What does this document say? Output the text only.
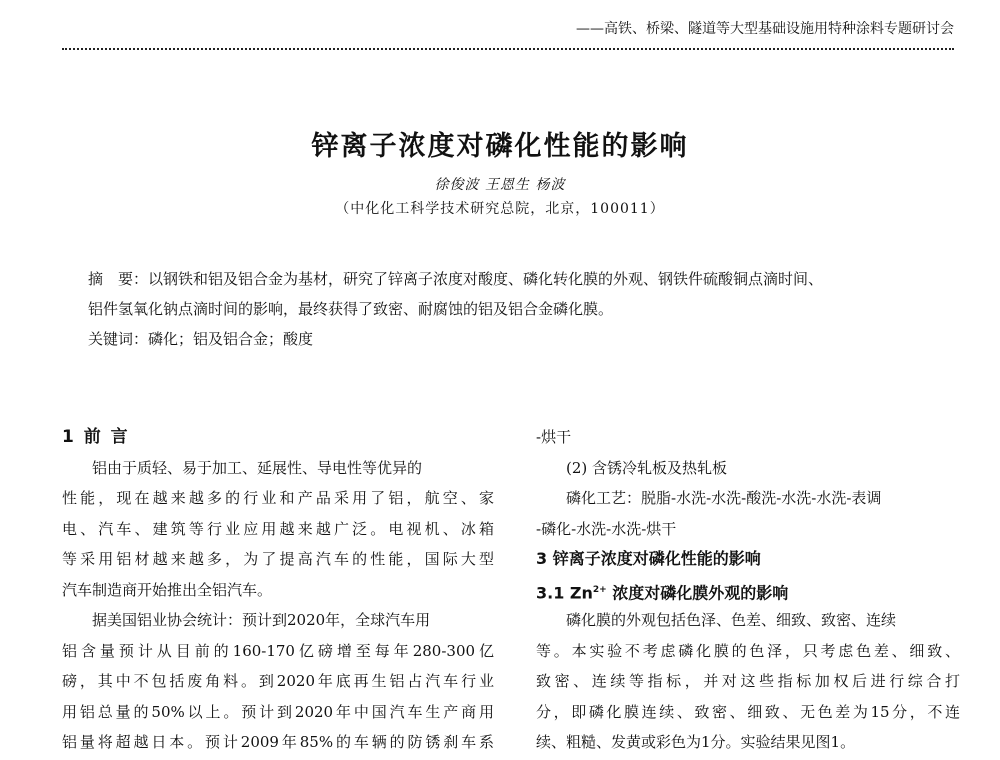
——高铁、桥梁、隧道等大型基础设施用特种涂料专题研讨会
锌离子浓度对磷化性能的影响
徐俊波 王恩生 杨波
（中化化工科学技术研究总院，北京，100011）

摘　要：以钢铁和铝及铝合金为基材，研究了锌离子浓度对酸度、磷化转化膜的外观、钢铁件硫酸铜点滴时间、
铝件氢氧化钠点滴时间的影响，最终获得了致密、耐腐蚀的铝及铝合金磷化膜。

关键词：磷化；铝及铝合金；酸度

1 前 言
铝由于质轻、易于加工、延展性、导电性等优异的
性能，现在越来越多的行业和产品采用了铝，航空、家
电、汽车、建筑等行业应用越来越广泛。电视机、冰箱
等采用铝材越来越多，为了提高汽车的性能，国际大型
汽车制造商开始推出全铝汽车。
据美国铝业协会统计：预计到2020年，全球汽车用
铝含量预计从目前的160-170亿磅增至每年280-300亿
磅，其中不包括废角料。到2020年底再生铝占汽车行业
用铝总量的50%以上。预计到2020年中国汽车生产商用
铝量将超越日本。预计2009年85%的车辆的防锈刹车系
-烘干
(2) 含锈冷轧板及热轧板
磷化工艺：脱脂-水洗-水洗-酸洗-水洗-水洗-表调
-磷化-水洗-水洗-烘干
3 锌离子浓度对磷化性能的影响
3.1 $Zn^{2+}$ 浓度对磷化膜外观的影响
磷化膜的外观包括色泽、色差、细致、致密、连续
等。本实验不考虑磷化膜的色泽，只考虑色差、细致、
致密、连续等指标，并对这些指标加权后进行综合打
分，即磷化膜连续、致密、细致、无色差为15分，不连
续、粗糙、发黄或彩色为1分。实验结果见图1。
